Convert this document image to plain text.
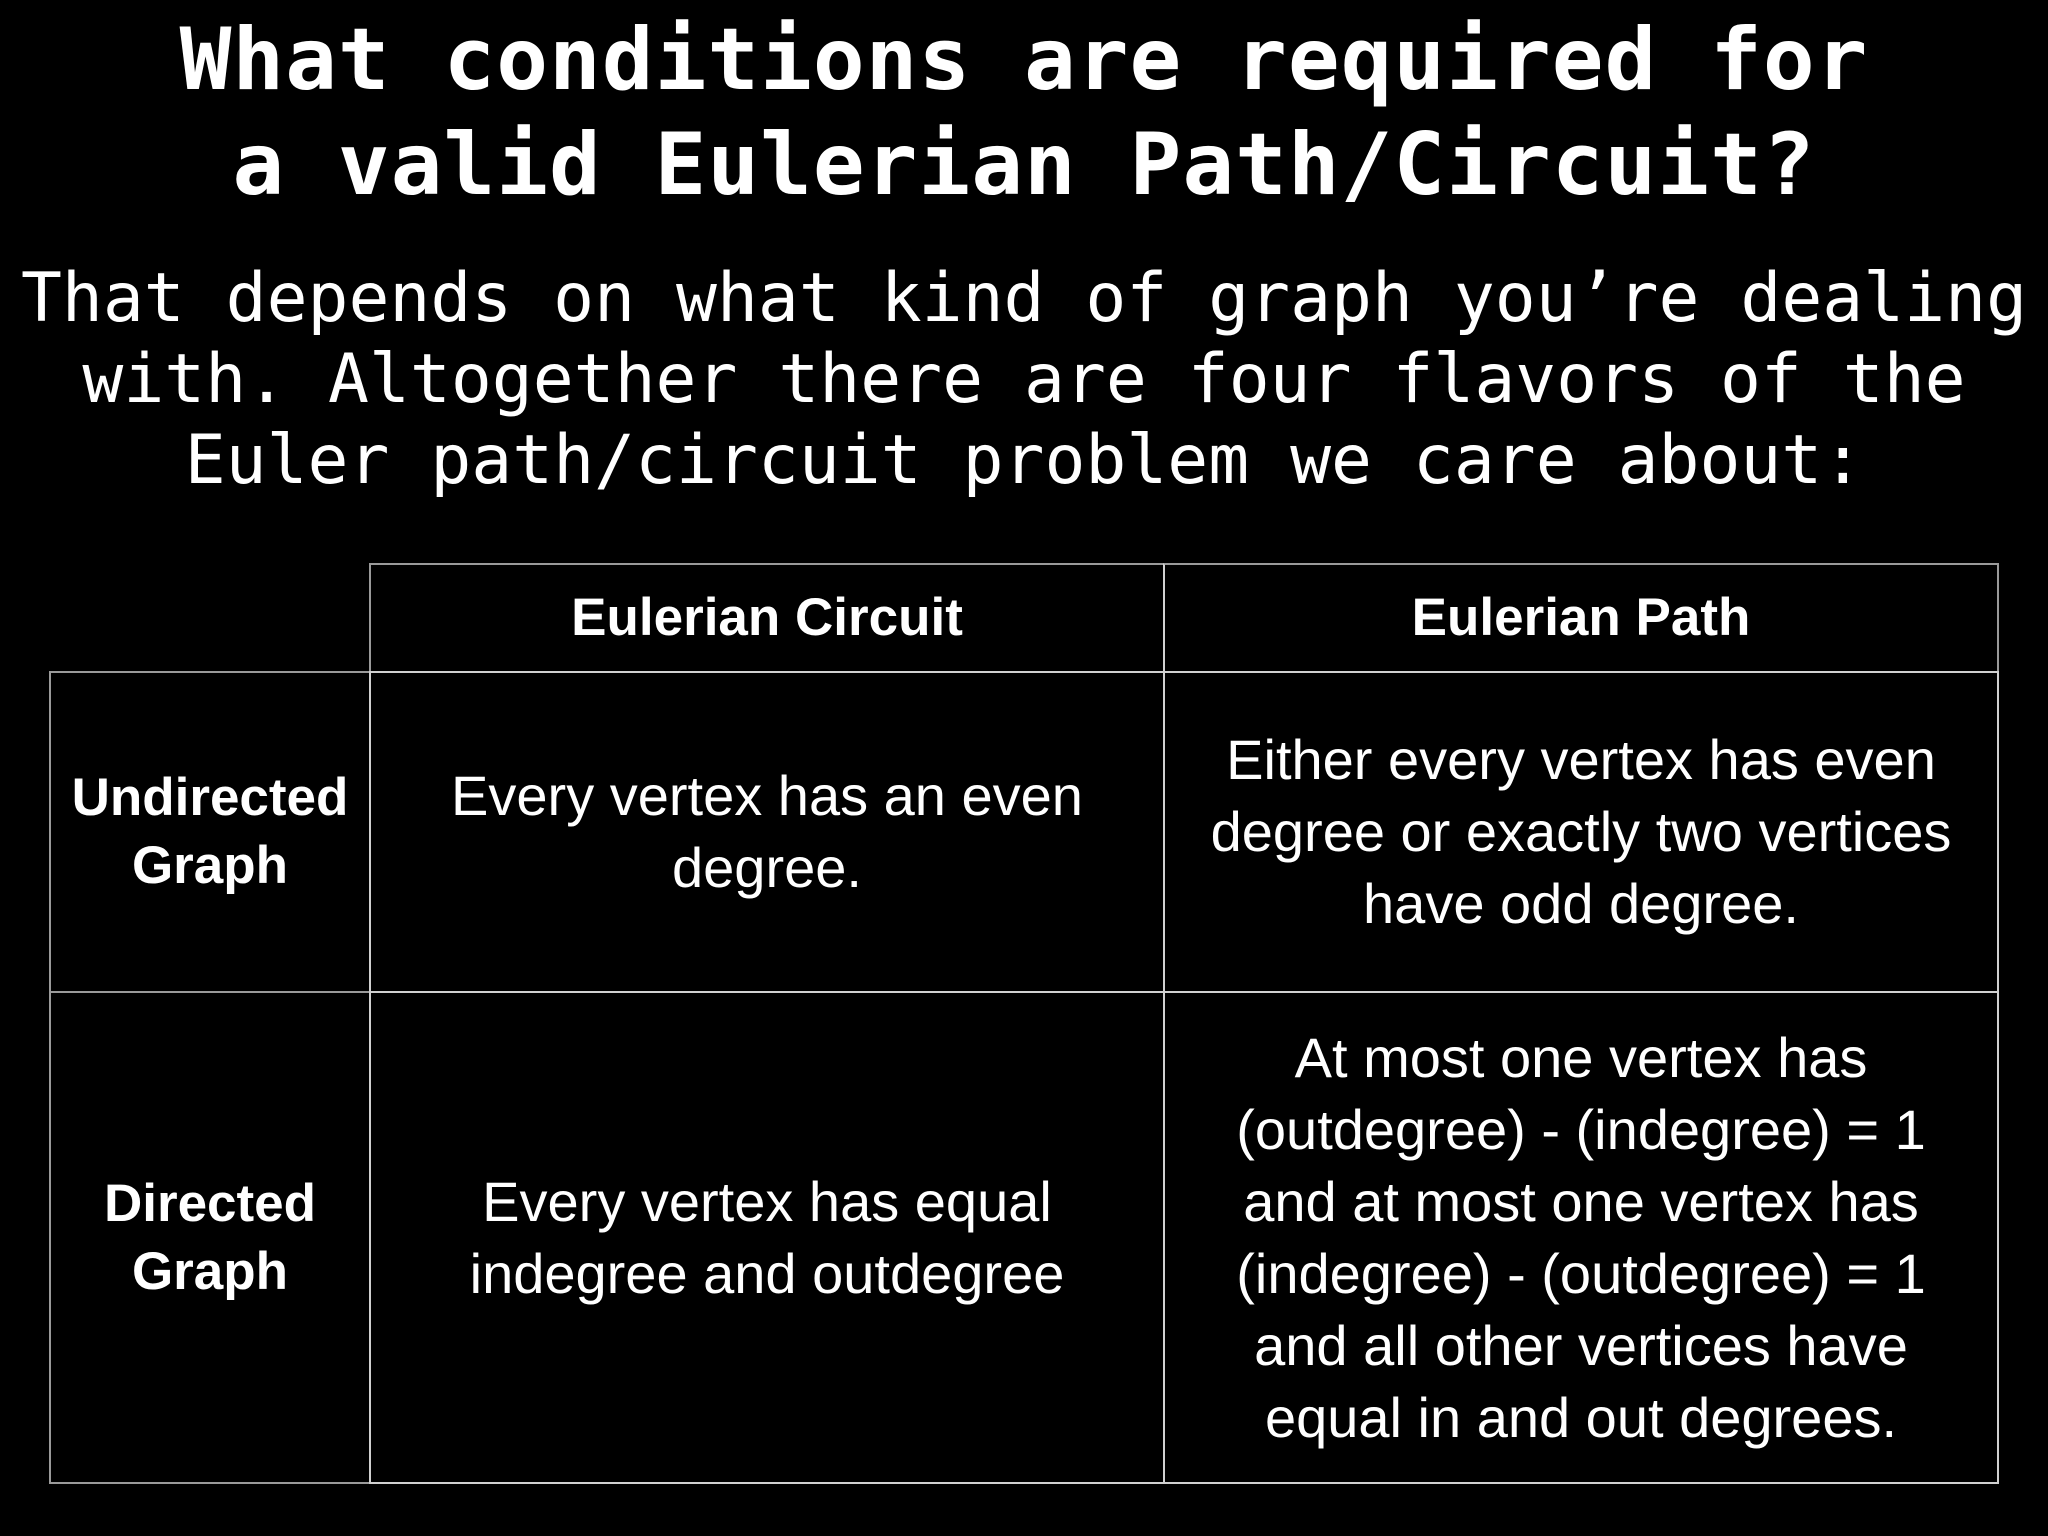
What conditions are required for
a valid Eulerian Path/Circuit?

That depends on what kind of graph you’re dealing
with. Altogether there are four flavors of the
Euler path/circuit problem we care about:

Eulerian Circuit	Eulerian Path
Undirected
Graph
Every vertex has an even
degree.
Either every vertex has even
degree or exactly two vertices
have odd degree.
Directed
Graph
Every vertex has equal
indegree and outdegree
At most one vertex has
(outdegree) - (indegree) = 1
and at most one vertex has
(indegree) - (outdegree) = 1
and all other vertices have
equal in and out degrees.
